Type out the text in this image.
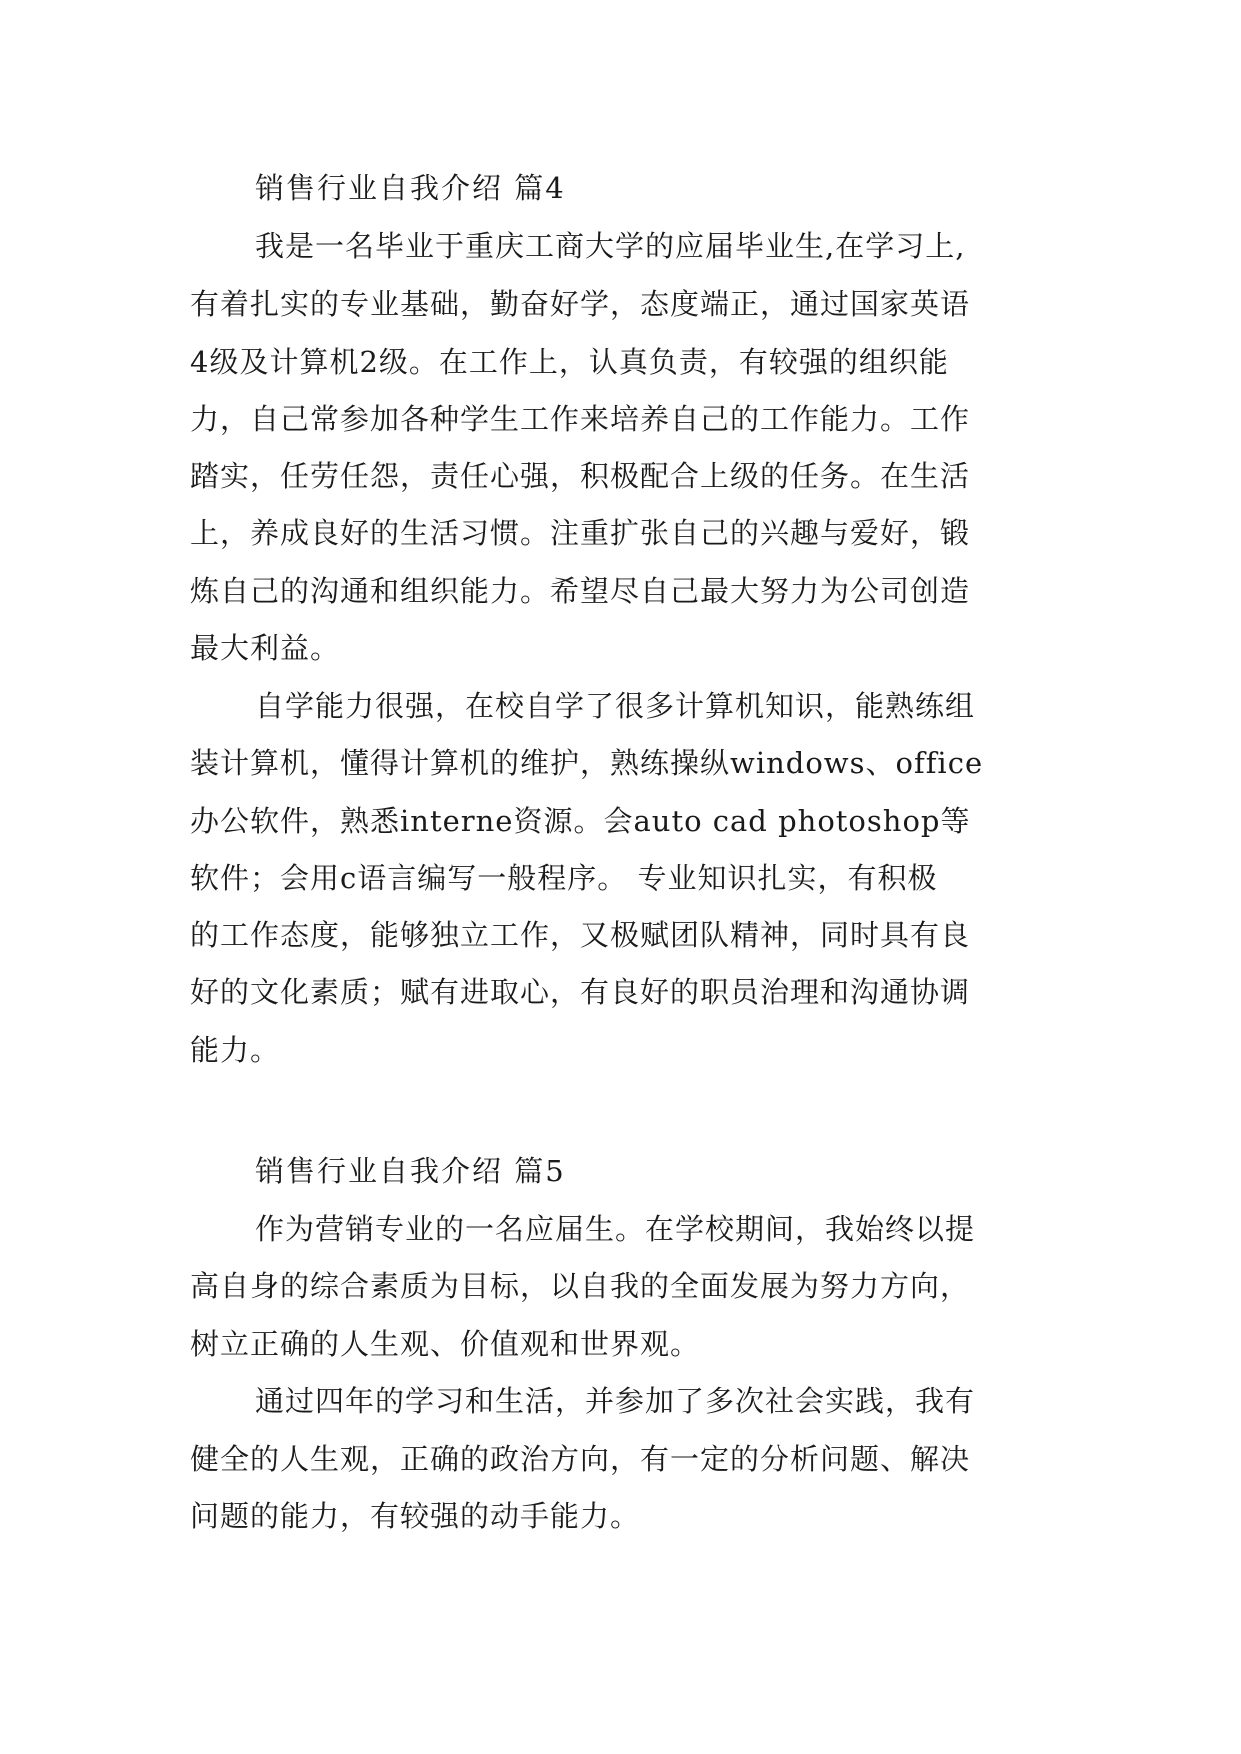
销售行业自我介绍 篇4
我是一名毕业于重庆工商大学的应届毕业生,在学习上,
有着扎实的专业基础，勤奋好学，态度端正，通过国家英语
4级及计算机2级。在工作上，认真负责，有较强的组织能
力，自己常参加各种学生工作来培养自己的工作能力。工作
踏实，任劳任怨，责任心强，积极配合上级的任务。在生活
上，养成良好的生活习惯。注重扩张自己的兴趣与爱好，锻
炼自己的沟通和组织能力。希望尽自己最大努力为公司创造
最大利益。
自学能力很强，在校自学了很多计算机知识，能熟练组
装计算机，懂得计算机的维护，熟练操纵windows、office
办公软件，熟悉interne资源。会auto cad photoshop等
软件；会用c语言编写一般程序。 专业知识扎实，有积极
的工作态度，能够独立工作，又极赋团队精神，同时具有良
好的文化素质；赋有进取心，有良好的职员治理和沟通协调
能力。
销售行业自我介绍 篇5
作为营销专业的一名应届生。在学校期间，我始终以提
高自身的综合素质为目标，以自我的全面发展为努力方向，
树立正确的人生观、价值观和世界观。
通过四年的学习和生活，并参加了多次社会实践，我有
健全的人生观，正确的政治方向，有一定的分析问题、解决
问题的能力，有较强的动手能力。
